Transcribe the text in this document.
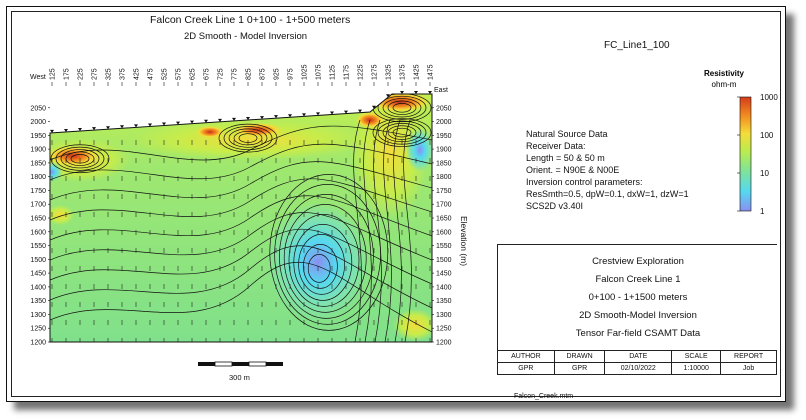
1200
1250
1300
1350
1400
1450
1500
1550
1600
1650
1700
1750
1800
1850
1900
1950
2000
2050
1200
1250
1300
1350
1400
1450
1500
1550
1600
1650
1700
1750
1800
1850
1900
1950
2000
2050
125 175 225 275 325 375 425 475 525 575 625 675 725 775 825 875 925 975 1025 1075 1125 1175 1225 1275 1325 1375 1425 1475
1000
100
10
1
Falcon Creek Line 1 0+100 - 1+500 meters
2D Smooth - Model Inversion
FC_Line1_100
West
East
Elevation (m)
300 m
Resistivity
ohm-m
Natural Source Data
Receiver Data:
Length = 50 & 50 m
Orient. = N90E & N00E
Inversion control parameters:
ResSmth=0.5, dpW=0.1, dxW=1, dzW=1
SCS2D v3.40I
Crestview Exploration
Falcon Creek Line 1
0+100 - 1+1500 meters
2D Smooth-Model Inversion
Tensor Far-field CSAMT Data
AUTHOR	DRAWN	DATE	SCALE	REPORT
GPR	GPR	02/10/2022	1:10000	Job
Falcon_Creek.mtm
